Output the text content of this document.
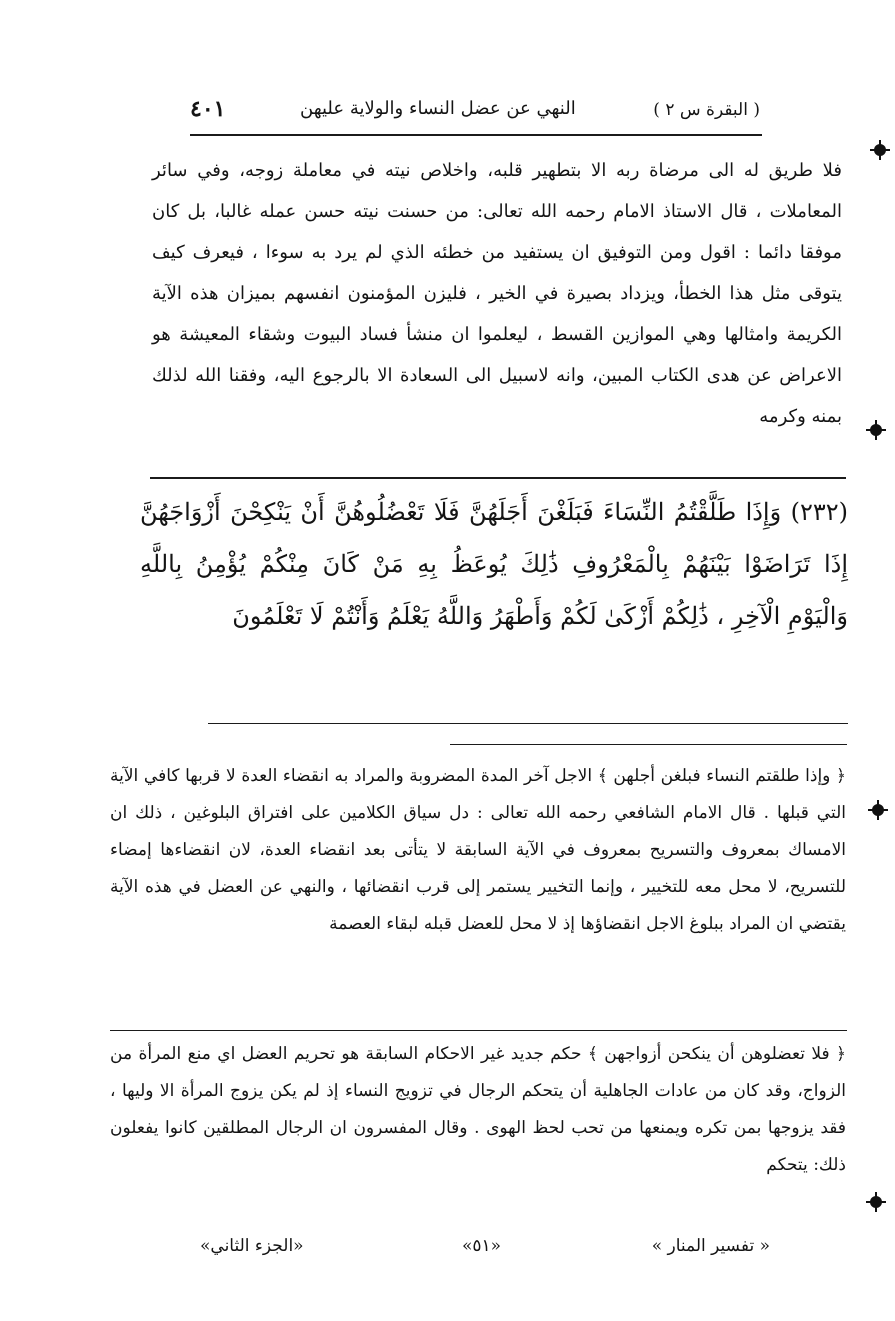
( البقرة س ٢ )
النهي عن عضل النساء والولاية عليهن
٤٠١

فلا طريق له الى مرضاة ربه الا بتطهير قلبه، واخلاص نيته في معاملة زوجه، وفي سائر المعاملات ، قال الاستاذ الامام رحمه الله تعالى: من حسنت نيته حسن عمله غالبا، بل كان موفقا دائما : اقول ومن التوفيق ان يستفيد من خطئه الذي لم يرد به سوءا ، فيعرف كيف يتوقى مثل هذا الخطأ، ويزداد بصيرة في الخير ، فليزن المؤمنون انفسهم بميزان هذه الآية الكريمة وامثالها وهي الموازين القسط ، ليعلموا ان منشأ فساد البيوت وشقاء المعيشة هو الاعراض عن هدى الكتاب المبين، وانه لاسبيل الى السعادة الا بالرجوع اليه، وفقنا الله لذلك بمنه وكرمه

(٢٣٢) وَإِذَا طَلَّقْتُمُ النِّسَاءَ فَبَلَغْنَ أَجَلَهُنَّ فَلَا تَعْضُلُوهُنَّ أَنْ يَنْكِحْنَ أَزْوَاجَهُنَّ إِذَا تَرَاضَوْا بَيْنَهُمْ بِالْمَعْرُوفِ ذَٰلِكَ يُوعَظُ بِهِ مَنْ كَانَ مِنْكُمْ يُؤْمِنُ بِاللَّهِ وَالْيَوْمِ الْآخِرِ ، ذَٰلِكُمْ أَزْكَىٰ لَكُمْ وَأَطْهَرُ وَاللَّهُ يَعْلَمُ وَأَنْتُمْ لَا تَعْلَمُونَ

﴿ وإذا طلقتم النساء فبلغن أجلهن ﴾ الاجل آخر المدة المضروبة والمراد به انقضاء العدة لا قربها كافي الآية التي قبلها . قال الامام الشافعي رحمه الله تعالى : دل سياق الكلامين على افتراق البلوغين ، ذلك ان الامساك بمعروف والتسريح بمعروف في الآية السابقة لا يتأتى بعد انقضاء العدة، لان انقضاءها إمضاء للتسريح، لا محل معه للتخيير ، وإنما التخيير يستمر إلى قرب انقضائها ، والنهي عن العضل في هذه الآية يقتضي ان المراد ببلوغ الاجل انقضاؤها إذ لا محل للعضل قبله لبقاء العصمة

﴿ فلا تعضلوهن أن ينكحن أزواجهن ﴾ حكم جديد غير الاحكام السابقة هو تحريم العضل اي منع المرأة من الزواج، وقد كان من عادات الجاهلية أن يتحكم الرجال في تزويج النساء إذ لم يكن يزوج المرأة الا وليها ، فقد يزوجها بمن تكره ويمنعها من تحب لحظ الهوى . وقال المفسرون ان الرجال المطلقين كانوا يفعلون ذلك: يتحكم

« تفسير المنار »
«٥١»
«الجزء الثاني»
